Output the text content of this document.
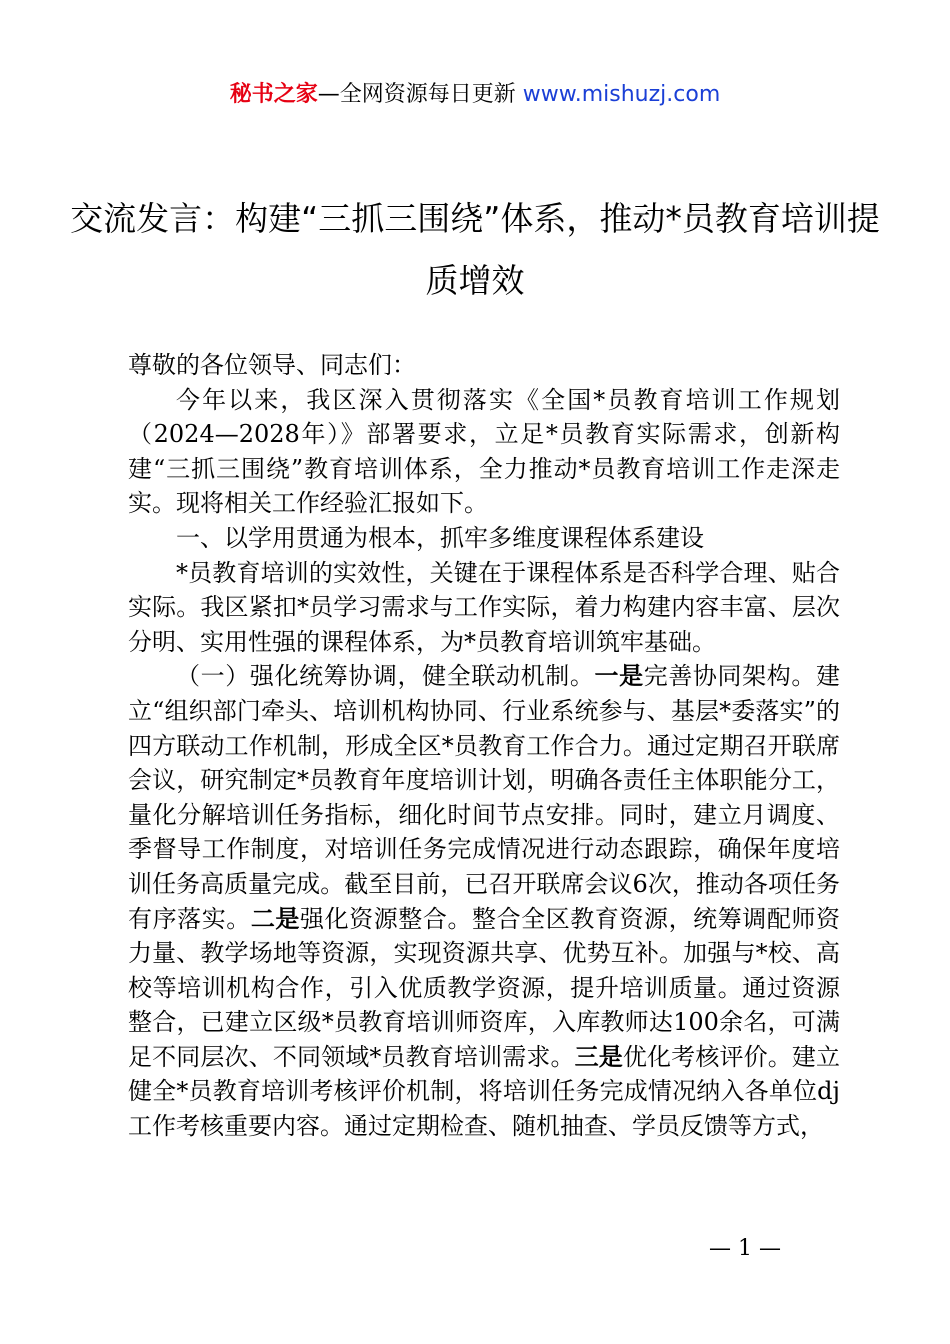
秘书之家—全网资源每日更新 www.mishuzj.com
交流发言：构建“三抓三围绕”体系，推动*员教育培训提质增效

尊敬的各位领导、同志们：

今年以来，我区深入贯彻落实《全国*员教育培训工作规划（2024—2028年）》部署要求，立足*员教育实际需求，创新构建“三抓三围绕”教育培训体系，全力推动*员教育培训工作走深走实。现将相关工作经验汇报如下。

一、以学用贯通为根本，抓牢多维度课程体系建设

*员教育培训的实效性，关键在于课程体系是否科学合理、贴合实际。我区紧扣*员学习需求与工作实际，着力构建内容丰富、层次分明、实用性强的课程体系，为*员教育培训筑牢基础。

（一）强化统筹协调，健全联动机制。一是完善协同架构。建立“组织部门牵头、培训机构协同、行业系统参与、基层*委落实”的四方联动工作机制，形成全区*员教育工作合力。通过定期召开联席会议，研究制定*员教育年度培训计划，明确各责任主体职能分工，量化分解培训任务指标，细化时间节点安排。同时，建立月调度、季督导工作制度，对培训任务完成情况进行动态跟踪，确保年度培训任务高质量完成。截至目前，已召开联席会议6次，推动各项任务有序落实。二是强化资源整合。整合全区教育资源，统筹调配师资力量、教学场地等资源，实现资源共享、优势互补。加强与*校、高校等培训机构合作，引入优质教学资源，提升培训质量。通过资源整合，已建立区级*员教育培训师资库，入库教师达100余名，可满足不同层次、不同领域*员教育培训需求。三是优化考核评价。建立健全*员教育培训考核评价机制，将培训任务完成情况纳入各单位dj工作考核重要内容。通过定期检查、随机抽查、学员反馈等方式，

— 1 —
